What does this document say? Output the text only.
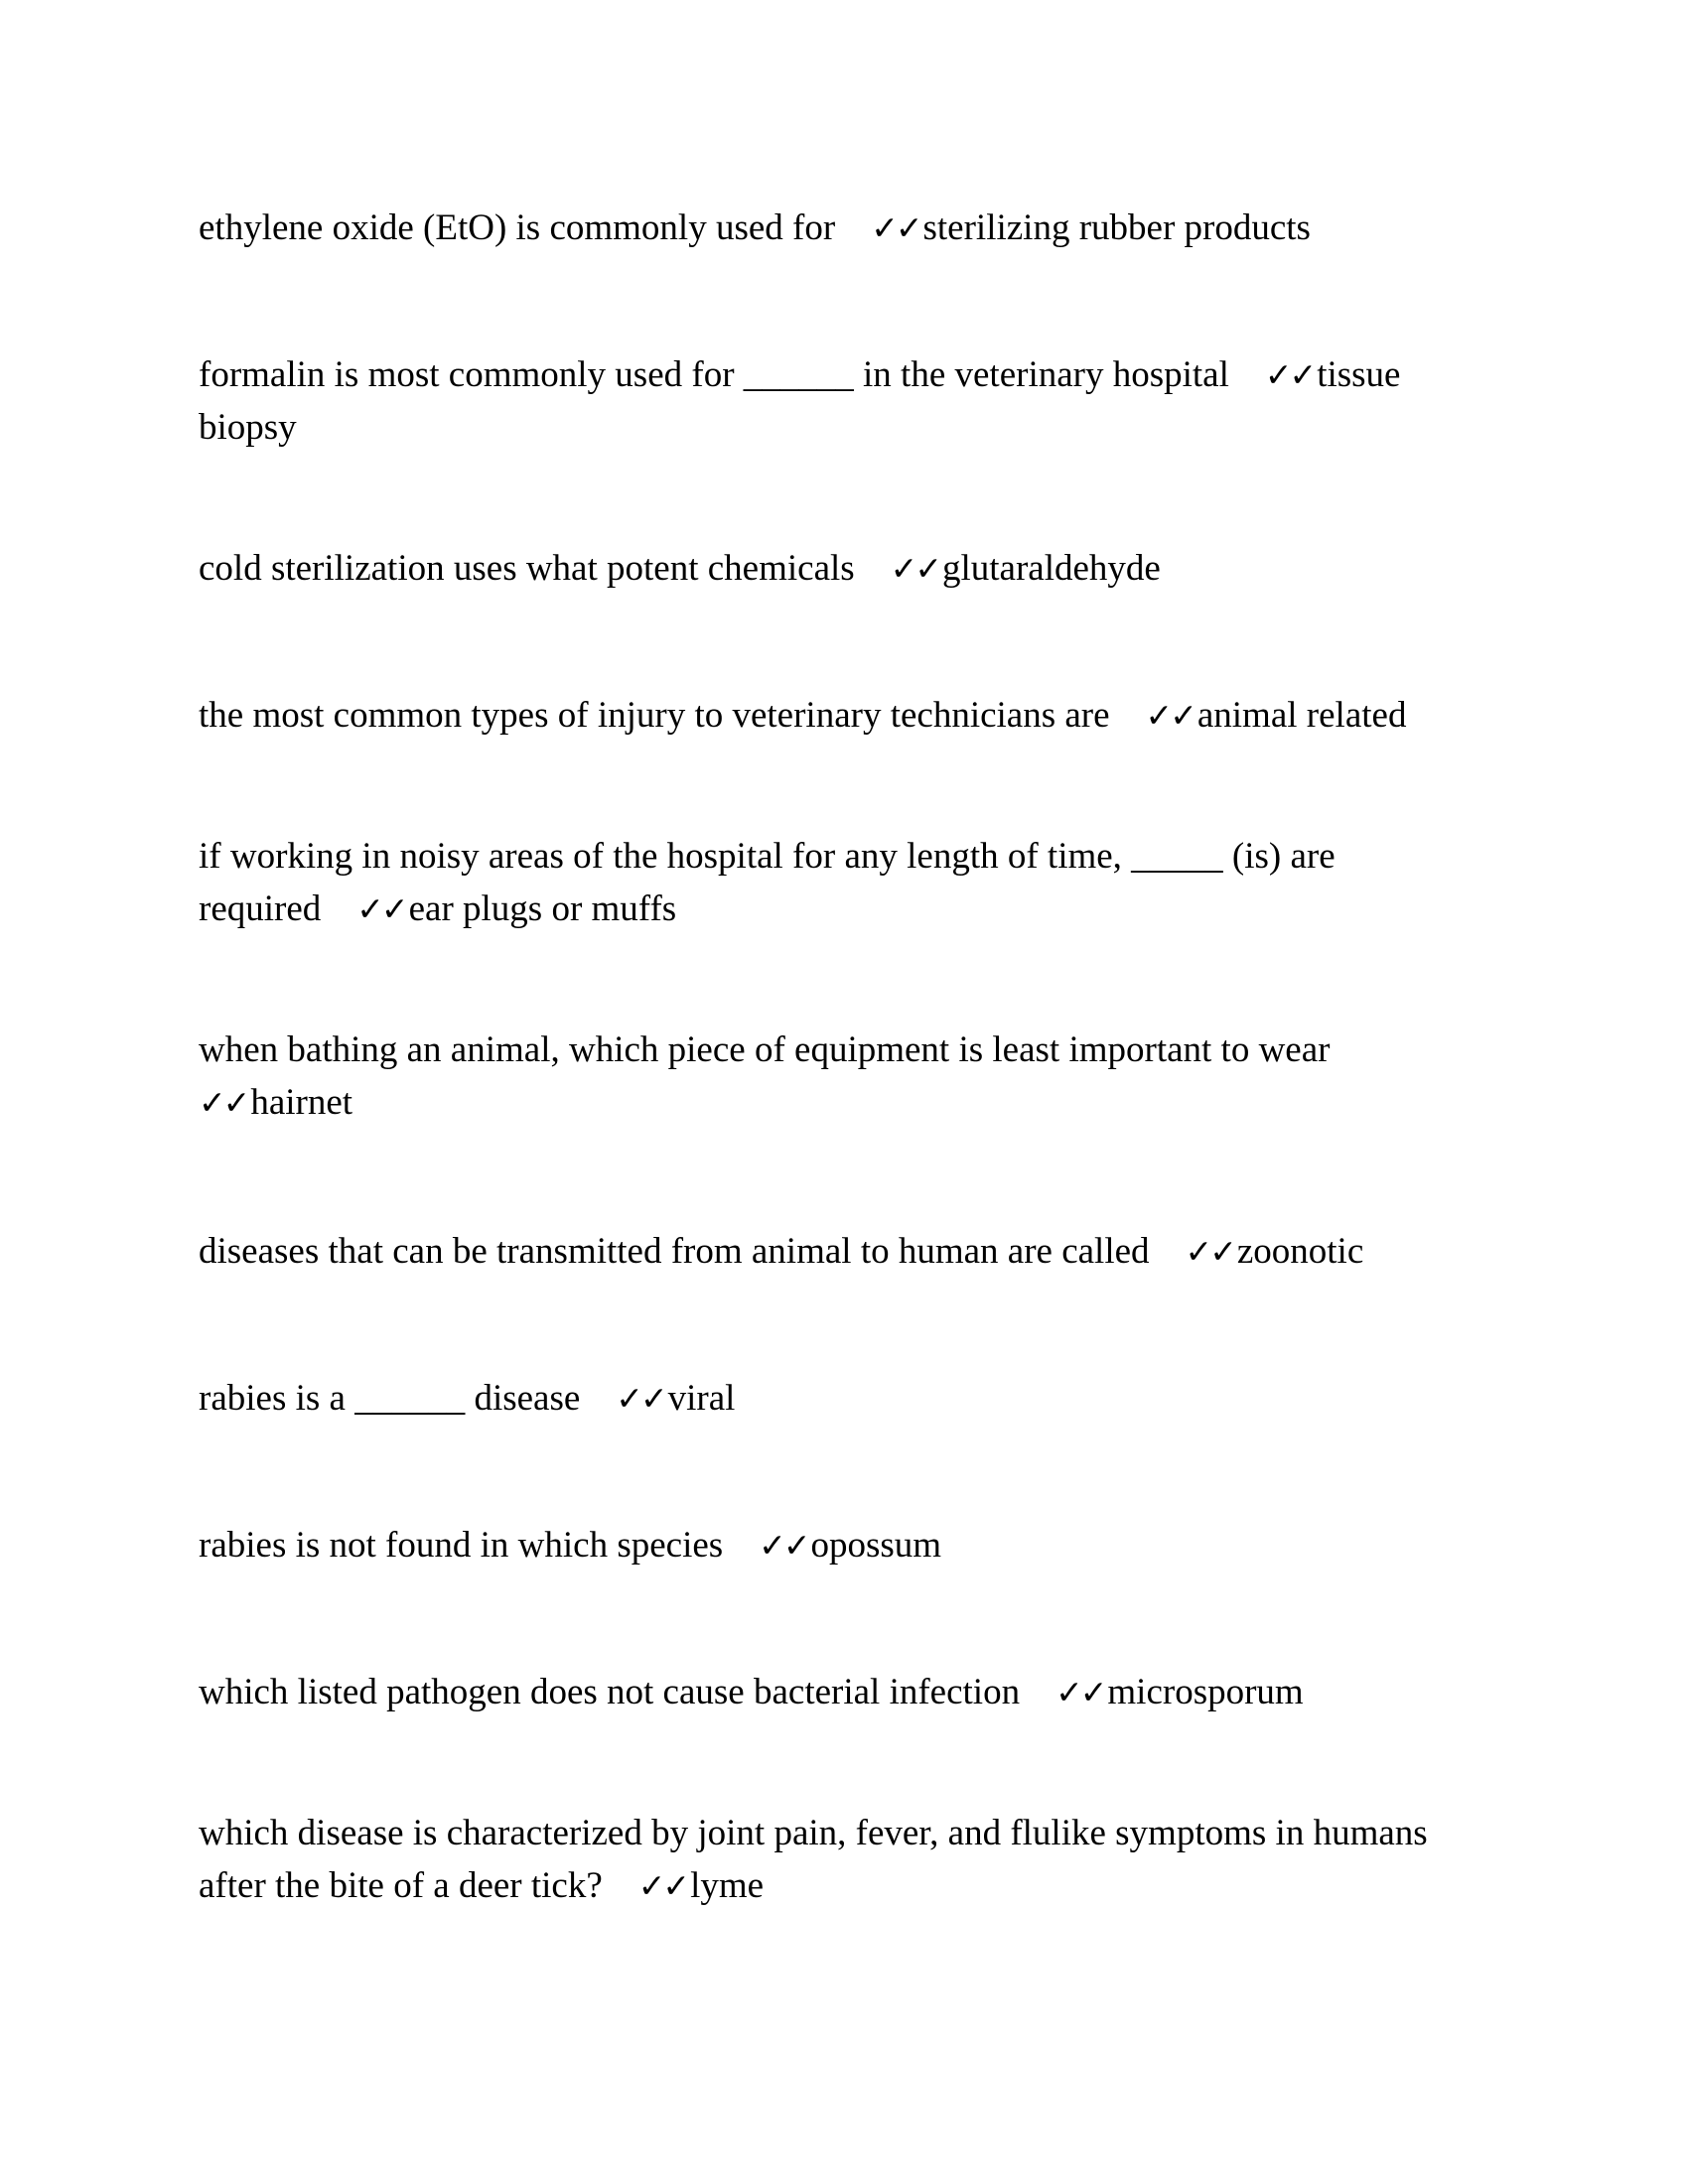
ethylene oxide (EtO) is commonly used for ✓✓sterilizing rubber products

formalin is most commonly used for ______ in the veterinary hospital ✓✓tissue biopsy

cold sterilization uses what potent chemicals ✓✓glutaraldehyde

the most common types of injury to veterinary technicians are ✓✓animal related

if working in noisy areas of the hospital for any length of time, _____ (is) are required ✓✓ear plugs or muffs

when bathing an animal, which piece of equipment is least important to wear
✓✓hairnet

diseases that can be transmitted from animal to human are called ✓✓zoonotic

rabies is a ______ disease ✓✓viral

rabies is not found in which species ✓✓opossum

which listed pathogen does not cause bacterial infection ✓✓microsporum

which disease is characterized by joint pain, fever, and flulike symptoms in humans after the bite of a deer tick? ✓✓lyme
